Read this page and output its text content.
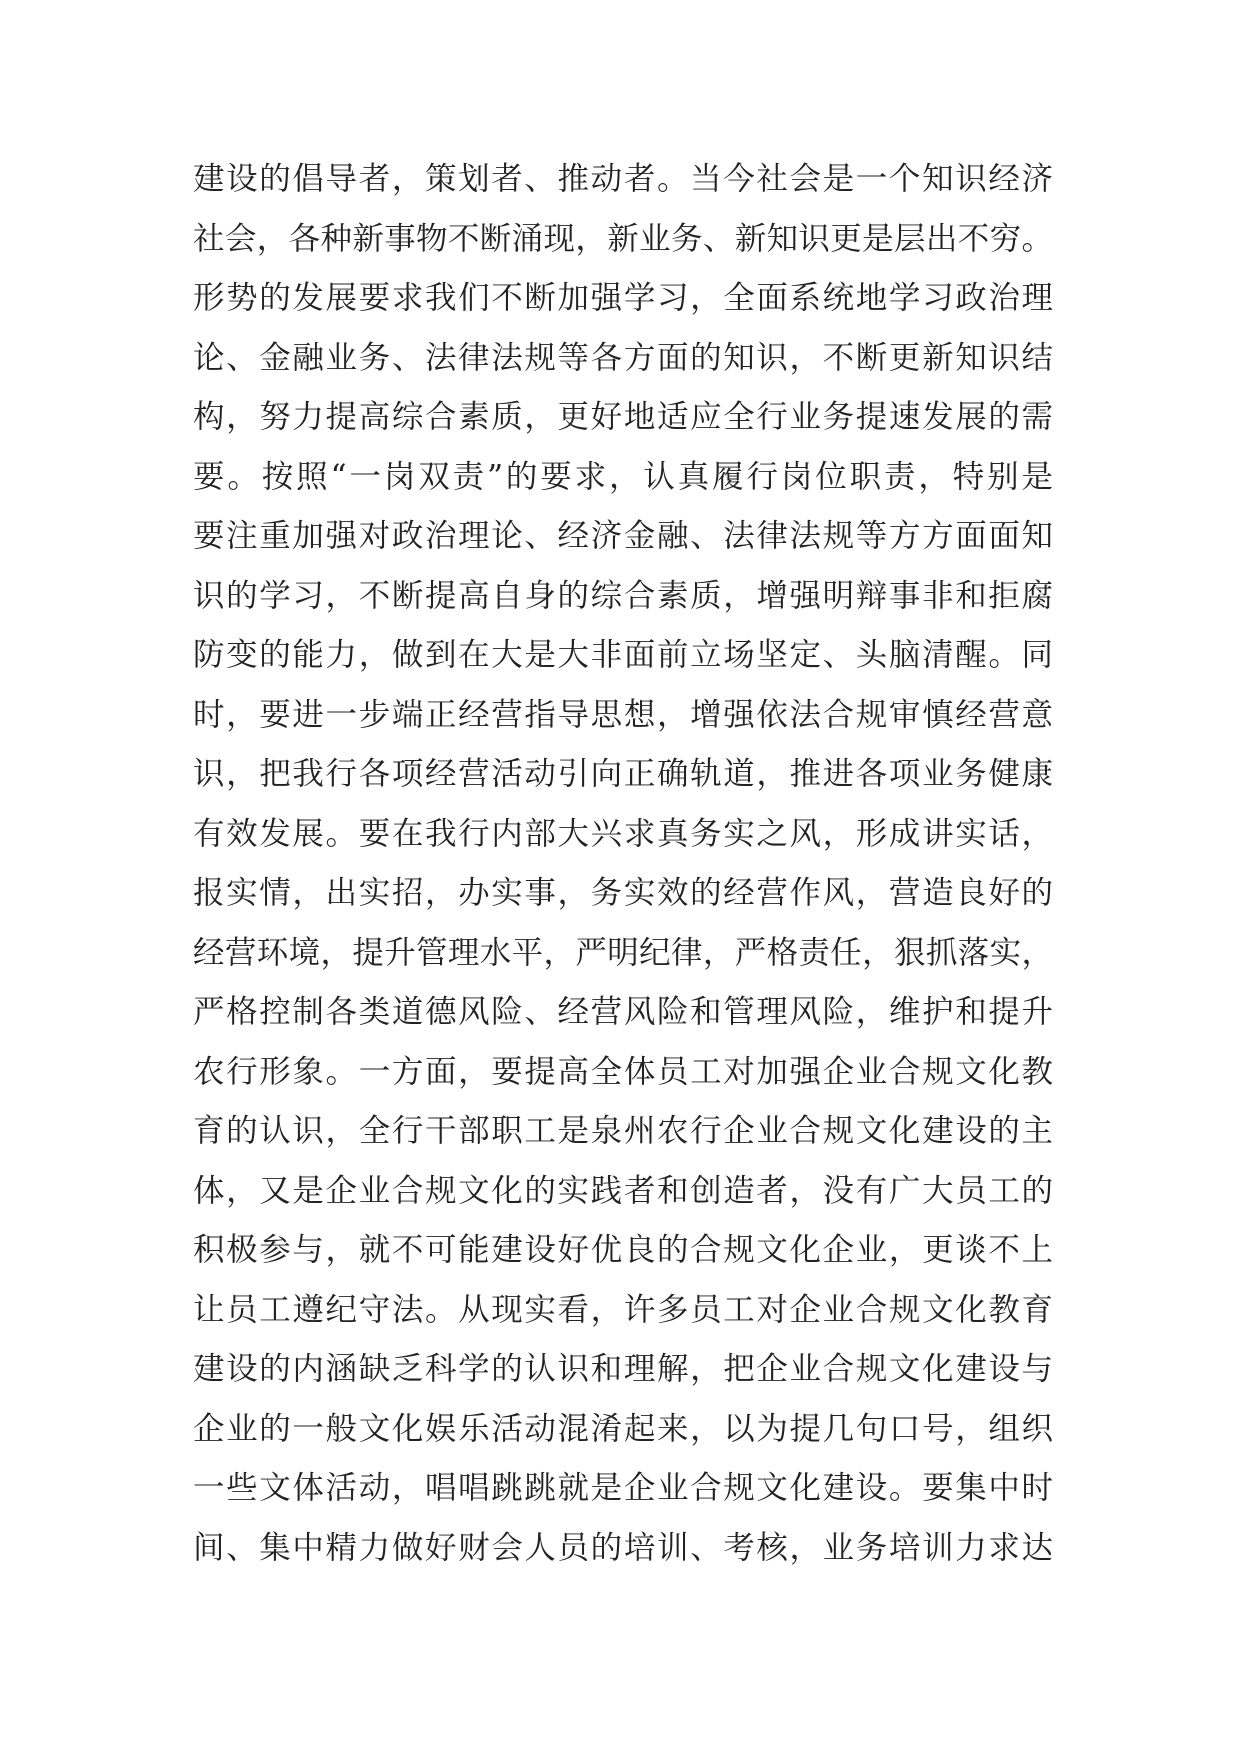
建设的倡导者，策划者、推动者。当今社会是一个知识经济
社会，各种新事物不断涌现，新业务、新知识更是层出不穷。
形势的发展要求我们不断加强学习，全面系统地学习政治理
论、金融业务、法律法规等各方面的知识，不断更新知识结
构，努力提高综合素质，更好地适应全行业务提速发展的需
要。按照“一岗双责”的要求，认真履行岗位职责，特别是
要注重加强对政治理论、经济金融、法律法规等方方面面知
识的学习，不断提高自身的综合素质，增强明辩事非和拒腐
防变的能力，做到在大是大非面前立场坚定、头脑清醒。同
时，要进一步端正经营指导思想，增强依法合规审慎经营意
识，把我行各项经营活动引向正确轨道，推进各项业务健康
有效发展。要在我行内部大兴求真务实之风，形成讲实话，
报实情，出实招，办实事，务实效的经营作风，营造良好的
经营环境，提升管理水平，严明纪律，严格责任，狠抓落实，
严格控制各类道德风险、经营风险和管理风险，维护和提升
农行形象。一方面，要提高全体员工对加强企业合规文化教
育的认识，全行干部职工是泉州农行企业合规文化建设的主
体，又是企业合规文化的实践者和创造者，没有广大员工的
积极参与，就不可能建设好优良的合规文化企业，更谈不上
让员工遵纪守法。从现实看，许多员工对企业合规文化教育
建设的内涵缺乏科学的认识和理解，把企业合规文化建设与
企业的一般文化娱乐活动混淆起来，以为提几句口号，组织
一些文体活动，唱唱跳跳就是企业合规文化建设。要集中时
间、集中精力做好财会人员的培训、考核，业务培训力求达
